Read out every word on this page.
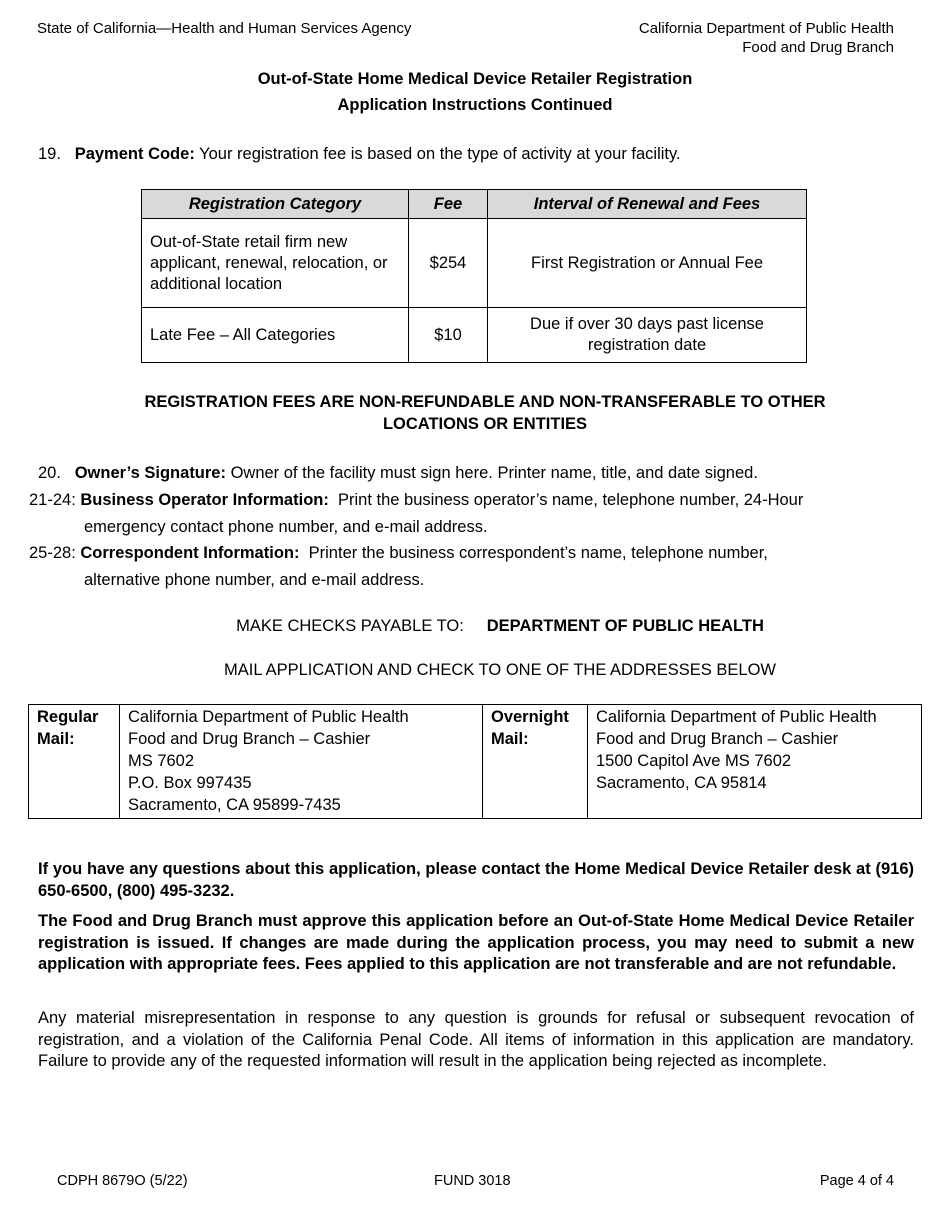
State of California—Health and Human Services Agency	California Department of Public Health
Food and Drug Branch
Out-of-State Home Medical Device Retailer Registration
Application Instructions Continued
19. Payment Code: Your registration fee is based on the type of activity at your facility.
Registration Category	Fee	Interval of Renewal and Fees
Out-of-State retail firm new applicant, renewal, relocation, or additional location	$254	First Registration or Annual Fee
Late Fee – All Categories	$10	Due if over 30 days past license registration date
REGISTRATION FEES ARE NON-REFUNDABLE AND NON-TRANSFERABLE TO OTHER
LOCATIONS OR ENTITIES
20. Owner’s Signature: Owner of the facility must sign here. Printer name, title, and date signed.
21-24: Business Operator Information: Print the business operator’s name, telephone number, 24-Hour
emergency contact phone number, and e-mail address.
25-28: Correspondent Information: Printer the business correspondent’s name, telephone number,
alternative phone number, and e-mail address.
MAKE CHECKS PAYABLE TO: DEPARTMENT OF PUBLIC HEALTH
MAIL APPLICATION AND CHECK TO ONE OF THE ADDRESSES BELOW
Regular
Mail:

California Department of Public Health
Food and Drug Branch – Cashier
MS 7602
P.O. Box 997435
Sacramento, CA 95899-7435

Overnight
Mail:

California Department of Public Health
Food and Drug Branch – Cashier
1500 Capitol Ave MS 7602
Sacramento, CA 95814
If you have any questions about this application, please contact the Home Medical Device Retailer desk at (916) 650-6500, (800) 495-3232.
The Food and Drug Branch must approve this application before an Out-of-State Home Medical Device Retailer registration is issued. If changes are made during the application process, you may need to submit a new application with appropriate fees. Fees applied to this application are not transferable and are not refundable.
Any material misrepresentation in response to any question is grounds for refusal or subsequent revocation of registration, and a violation of the California Penal Code. All items of information in this application are mandatory. Failure to provide any of the requested information will result in the application being rejected as incomplete.
CDPH 8679O (5/22)	FUND 3018	Page 4 of 4
